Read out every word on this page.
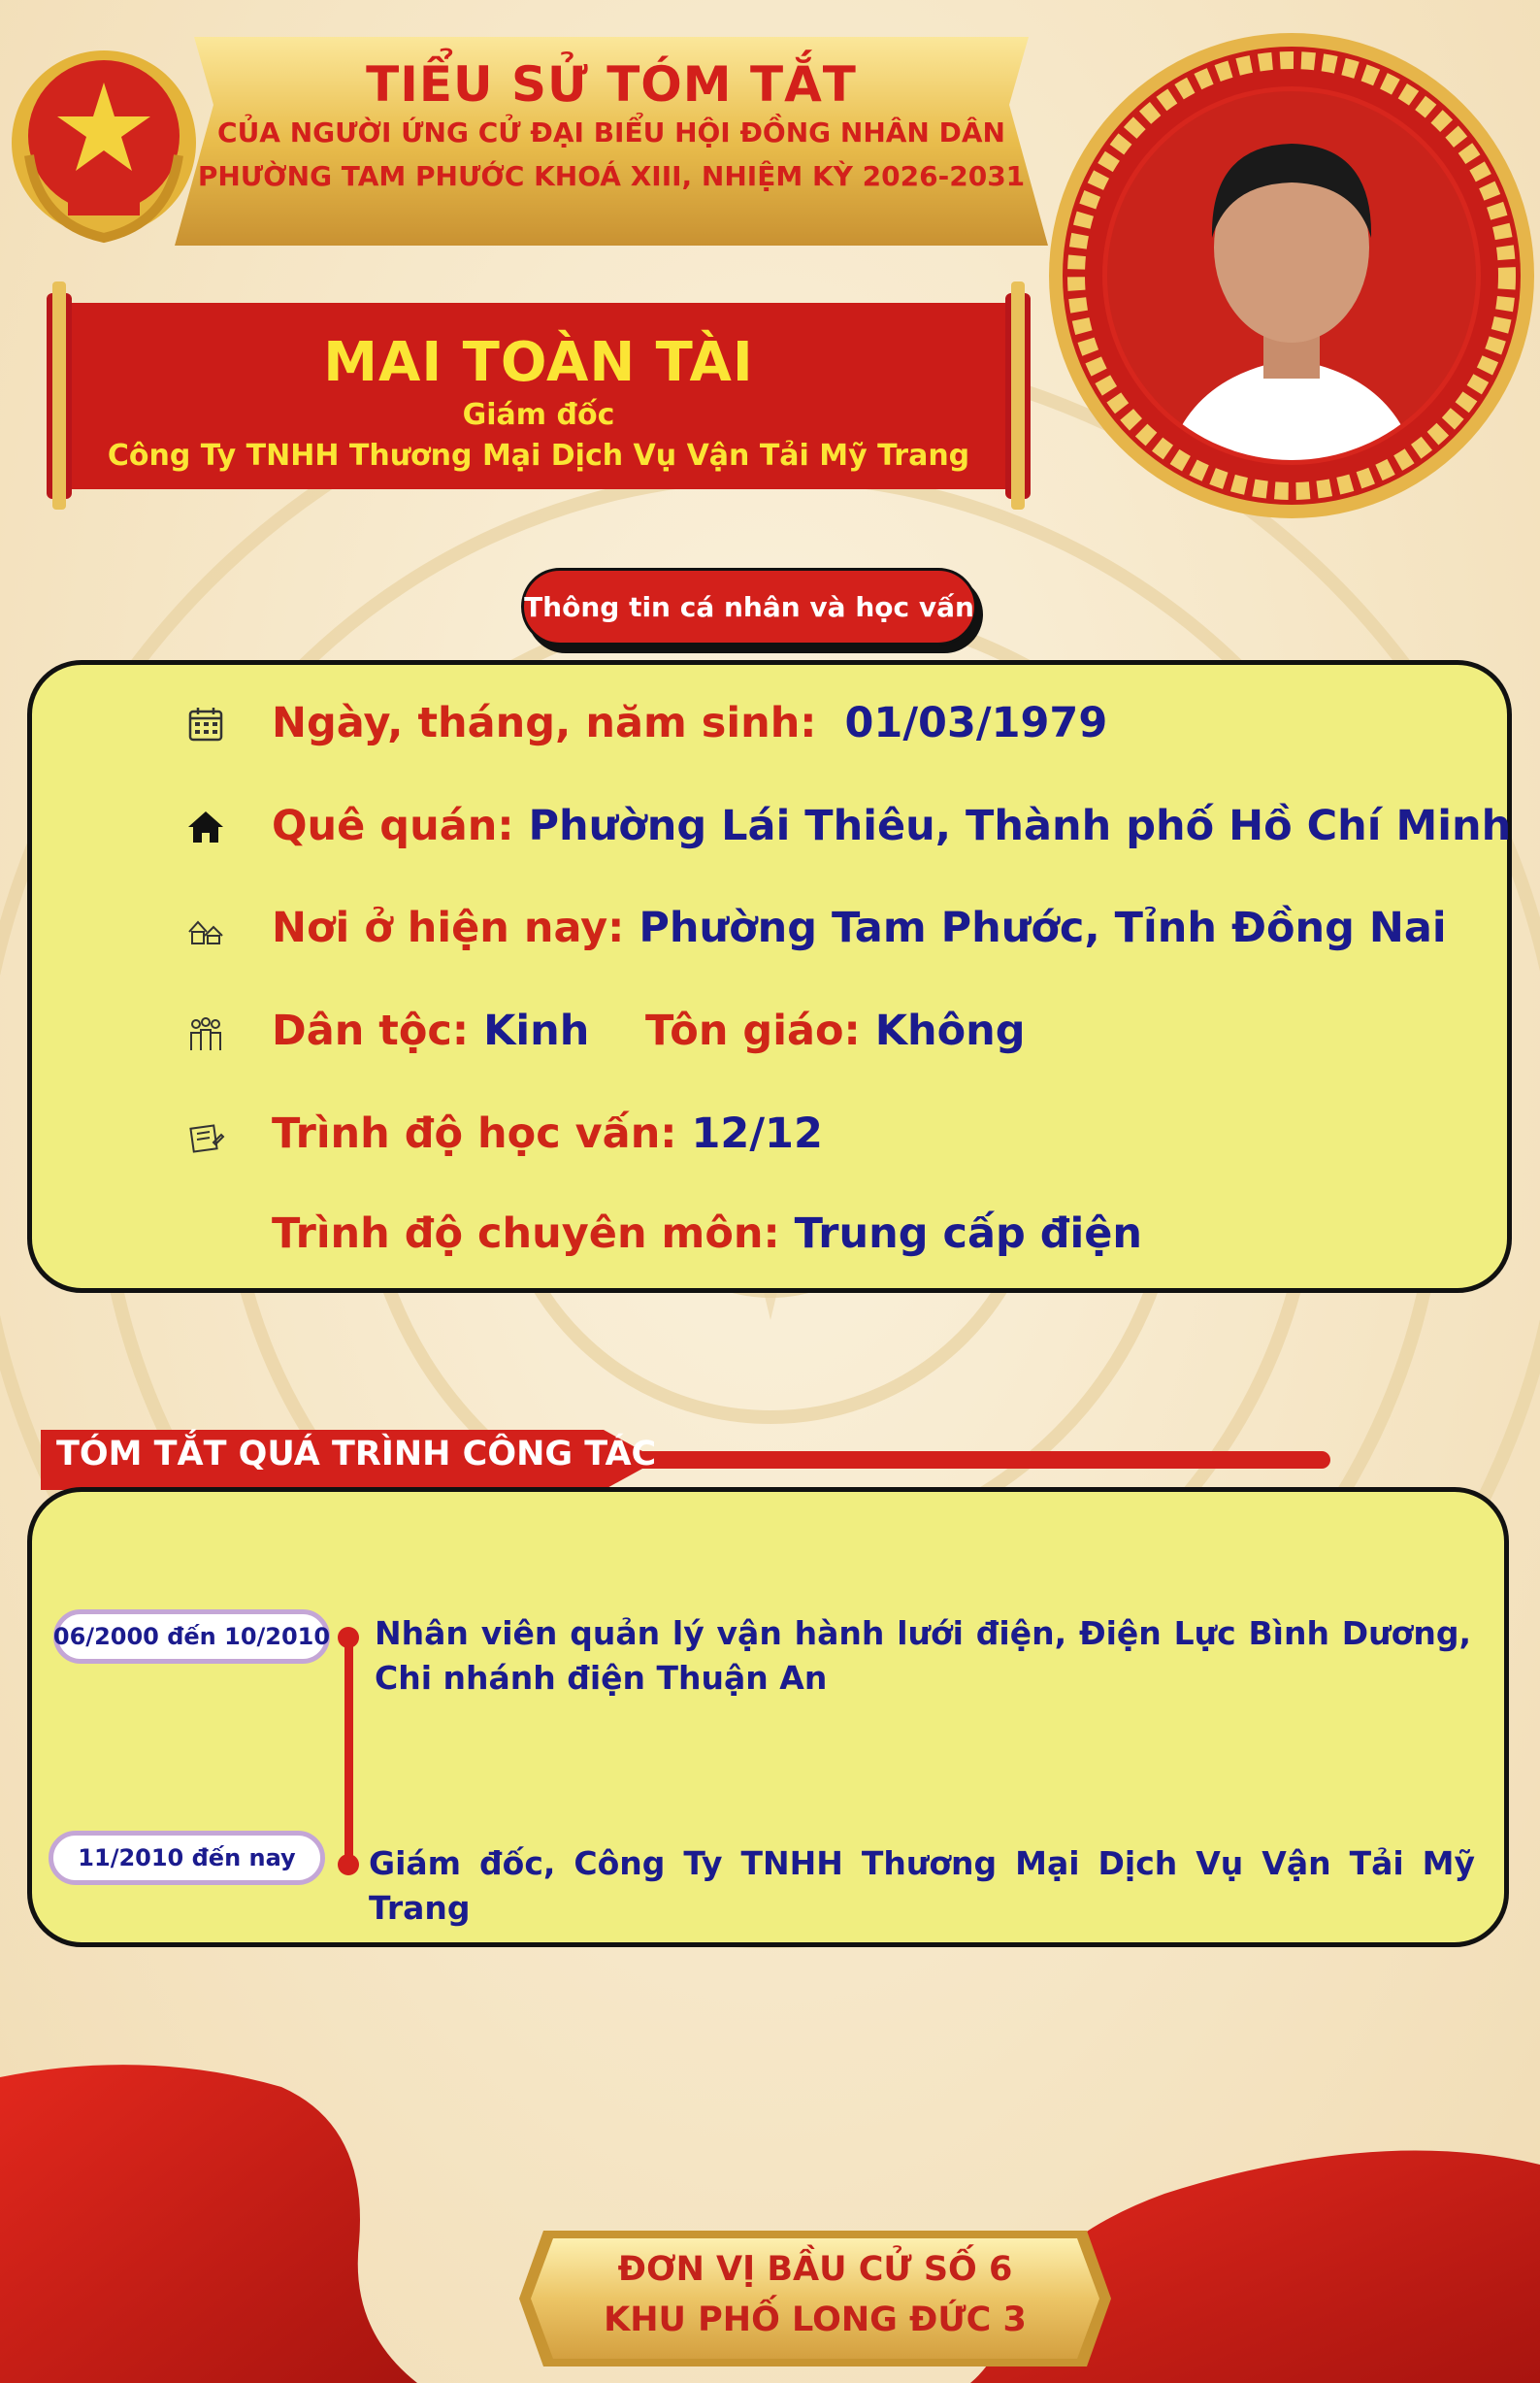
TIỂU SỬ TÓM TẮT
CỦA NGƯỜI ỨNG CỬ ĐẠI BIỂU HỘI ĐỒNG NHÂN DÂN
PHƯỜNG TAM PHƯỚC KHOÁ XIII, NHIỆM KỲ 2026-2031
MAI TOÀN TÀI
Giám đốc
Công Ty TNHH Thương Mại Dịch Vụ Vận Tải Mỹ Trang
Thông tin cá nhân và học vấn
Ngày, tháng, năm sinh: 01/03/1979
Quê quán: Phường Lái Thiêu, Thành phố Hồ Chí Minh
Nơi ở hiện nay: Phường Tam Phước, Tỉnh Đồng Nai
Dân tộc: Kinh Tôn giáo: Không
Trình độ học vấn: 12/12
Trình độ chuyên môn: Trung cấp điện
TÓM TẮT QUÁ TRÌNH CÔNG TÁC
06/2000 đến 10/2010 Nhân viên quản lý vận hành lưới điện, Điện Lực Bình Dương, Chi nhánh điện Thuận An
11/2010 đến nay	Giám đốc, Công Ty TNHH Thương Mại Dịch Vụ Vận Tải Mỹ Trang
ĐƠN VỊ BẦU CỬ SỐ 6
KHU PHỐ LONG ĐỨC 3
